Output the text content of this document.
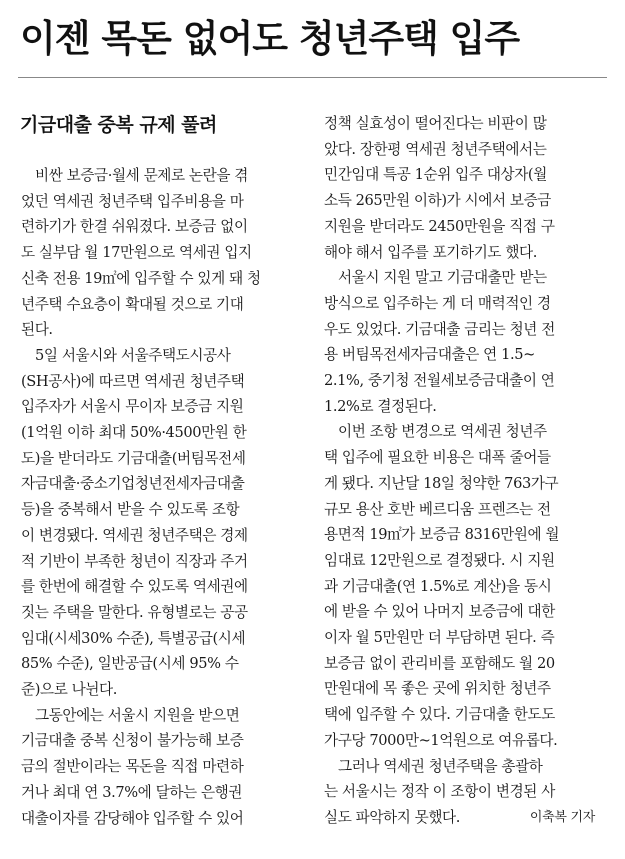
이젠 목돈 없어도 청년주택 입주
기금대출 중복 규제 풀려

비싼 보증금·월세 문제로 논란을 겪
었던 역세권 청년주택 입주비용을 마
련하기가 한결 쉬워졌다. 보증금 없이
도 실부담 월 17만원으로 역세권 입지
신축 전용 19㎡에 입주할 수 있게 돼 청
년주택 수요층이 확대될 것으로 기대
된다.

5일 서울시와 서울주택도시공사
(SH공사)에 따르면 역세권 청년주택
입주자가 서울시 무이자 보증금 지원
(1억원 이하 최대 50%·4500만원 한
도)을 받더라도 기금대출(버팀목전세
자금대출·중소기업청년전세자금대출
등)을 중복해서 받을 수 있도록 조항
이 변경됐다. 역세권 청년주택은 경제
적 기반이 부족한 청년이 직장과 주거
를 한번에 해결할 수 있도록 역세권에
짓는 주택을 말한다. 유형별로는 공공
임대(시세30% 수준), 특별공급(시세
85% 수준), 일반공급(시세 95% 수
준)으로 나뉜다.

그동안에는 서울시 지원을 받으면
기금대출 중복 신청이 불가능해 보증
금의 절반이라는 목돈을 직접 마련하
거나 최대 연 3.7%에 달하는 은행권
대출이자를 감당해야 입주할 수 있어

정책 실효성이 떨어진다는 비판이 많
았다. 장한평 역세권 청년주택에서는
민간임대 특공 1순위 입주 대상자(월
소득 265만원 이하)가 시에서 보증금
지원을 받더라도 2450만원을 직접 구
해야 해서 입주를 포기하기도 했다.

서울시 지원 말고 기금대출만 받는
방식으로 입주하는 게 더 매력적인 경
우도 있었다. 기금대출 금리는 청년 전
용 버팀목전세자금대출은 연 1.5~
2.1%, 중기청 전월세보증금대출이 연
1.2%로 결정된다.

이번 조항 변경으로 역세권 청년주
택 입주에 필요한 비용은 대폭 줄어들
게 됐다. 지난달 18일 청약한 763가구
규모 용산 호반 베르디움 프렌즈는 전
용면적 19㎡가 보증금 8316만원에 월
임대료 12만원으로 결정됐다. 시 지원
과 기금대출(연 1.5%로 계산)을 동시
에 받을 수 있어 나머지 보증금에 대한
이자 월 5만원만 더 부담하면 된다. 즉
보증금 없이 관리비를 포함해도 월 20
만원대에 목 좋은 곳에 위치한 청년주
택에 입주할 수 있다. 기금대출 한도도
가구당 7000만~1억원으로 여유롭다.

그러나 역세권 청년주택을 총괄하
는 서울시는 정작 이 조항이 변경된 사
실도 파악하지 못했다.	이축복 기자
